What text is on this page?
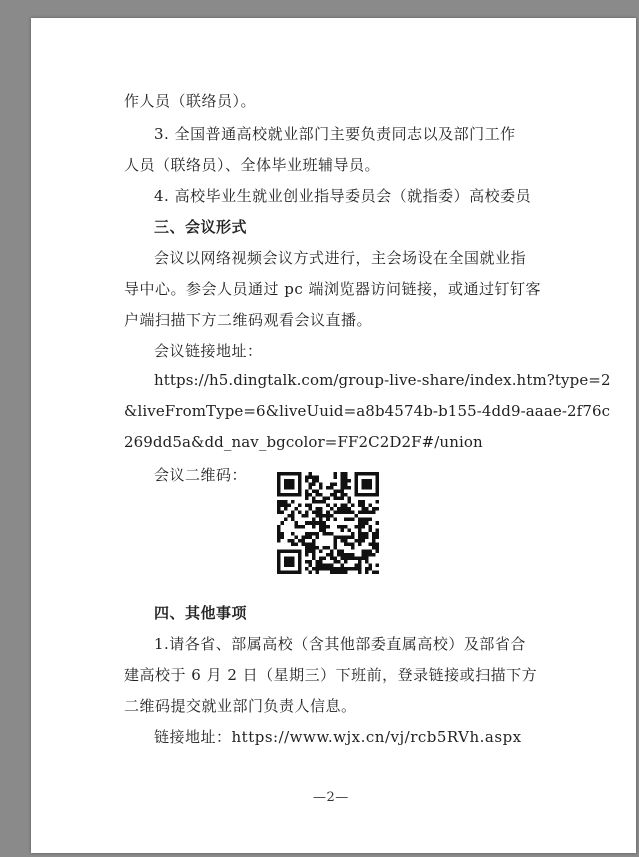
作人员（联络员）。
3. 全国普通高校就业部门主要负责同志以及部门工作
人员（联络员）、全体毕业班辅导员。
4. 高校毕业生就业创业指导委员会（就指委）高校委员
三、会议形式
会议以网络视频会议方式进行，主会场设在全国就业指
导中心。参会人员通过 pc 端浏览器访问链接，或通过钉钉客
户端扫描下方二维码观看会议直播。
会议链接地址：
https://h5.dingtalk.com/group-live-share/index.htm?type=2
&liveFromType=6&liveUuid=a8b4574b-b155-4dd9-aaae-2f76c
269dd5a&dd_nav_bgcolor=FF2C2D2F#/union
会议二维码：
四、其他事项
1.请各省、部属高校（含其他部委直属高校）及部省合
建高校于 6 月 2 日（星期三）下班前，登录链接或扫描下方
二维码提交就业部门负责人信息。
链接地址：https://www.wjx.cn/vj/rcb5RVh.aspx
—2—
